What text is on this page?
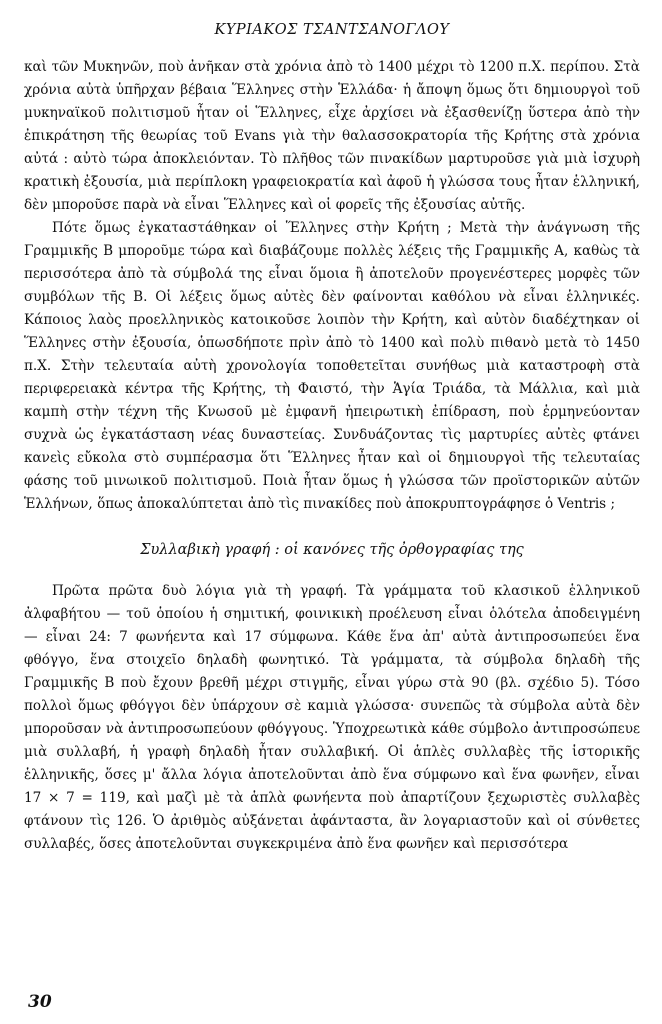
ΚΥΡΙΑΚΟΣ ΤΣΑΝΤΣΑΝΟΓΛΟΥ

καὶ τῶν Μυκηνῶν, ποὺ ἀνῆκαν στὰ χρόνια ἀπὸ τὸ 1400 μέχρι τὸ 1200 π.Χ. περίπου. Στὰ χρόνια αὐτὰ ὑπῆρχαν βέβαια Ἕλληνες στὴν Ἑλλάδα· ἡ ἄποψη ὅμως ὅτι δημιουργοὶ τοῦ μυκηναϊκοῦ πολιτισμοῦ ἦταν οἱ Ἕλληνες, εἶχε ἀρχίσει νὰ ἐξασθενίζῃ ὕστερα ἀπὸ τὴν ἐπικράτηση τῆς θεωρίας τοῦ Evans γιὰ τὴν θαλασσοκρατορία τῆς Κρήτης στὰ χρόνια αὐτά : αὐτὸ τώρα ἀποκλειόνταν. Τὸ πλῆθος τῶν πινακίδων μαρτυροῦσε γιὰ μιὰ ἰσχυρὴ κρατικὴ ἐξουσία, μιὰ περίπλοκη γραφειοκρατία καὶ ἀφοῦ ἡ γλώσσα τους ἦταν ἑλληνική, δὲν μποροῦσε παρὰ νὰ εἶναι Ἕλληνες καὶ οἱ φορεῖς τῆς ἐξουσίας αὐτῆς.

Πότε ὅμως ἐγκαταστάθηκαν οἱ Ἕλληνες στὴν Κρήτη ; Μετὰ τὴν ἀνάγνωση τῆς Γραμμικῆς Β μποροῦμε τώρα καὶ διαβάζουμε πολλὲς λέξεις τῆς Γραμμικῆς Α, καθὼς τὰ περισσότερα ἀπὸ τὰ σύμβολά της εἶναι ὅμοια ἢ ἀποτελοῦν προγενέστερες μορφὲς τῶν συμβόλων τῆς Β. Οἱ λέξεις ὅμως αὐτὲς δὲν φαίνονται καθόλου νὰ εἶναι ἑλληνικές. Κάποιος λαὸς προελληνικὸς κατοικοῦσε λοιπὸν τὴν Κρήτη, καὶ αὐτὸν διαδέχτηκαν οἱ Ἕλληνες στὴν ἐξουσία, ὁπωσδήποτε πρὶν ἀπὸ τὸ 1400 καὶ πολὺ πιθανὸ μετὰ τὸ 1450 π.Χ. Στὴν τελευταία αὐτὴ χρονολογία τοποθετεῖται συνήθως μιὰ καταστροφὴ στὰ περιφερειακὰ κέντρα τῆς Κρήτης, τὴ Φαιστό, τὴν Ἁγία Τριάδα, τὰ Μάλλια, καὶ μιὰ καμπὴ στὴν τέχνη τῆς Κνωσοῦ μὲ ἐμφανῆ ἠπειρωτικὴ ἐπίδραση, ποὺ ἑρμηνεύονταν συχνὰ ὡς ἐγκατάσταση νέας δυναστείας. Συνδυάζοντας τὶς μαρτυρίες αὐτὲς φτάνει κανεὶς εὔκολα στὸ συμπέρασμα ὅτι Ἕλληνες ἦταν καὶ οἱ δημιουργοὶ τῆς τελευταίας φάσης τοῦ μινωικοῦ πολιτισμοῦ. Ποιὰ ἦταν ὅμως ἡ γλώσσα τῶν προϊστορικῶν αὐτῶν Ἑλλήνων, ὅπως ἀποκαλύπτεται ἀπὸ τὶς πινακίδες ποὺ ἀποκρυπτογράφησε ὁ Ventris ;

Συλλαβικὴ γραφή : οἱ κανόνες τῆς ὀρθογραφίας της

Πρῶτα πρῶτα δυὸ λόγια γιὰ τὴ γραφή. Τὰ γράμματα τοῦ κλασικοῦ ἑλληνικοῦ ἀλφαβήτου — τοῦ ὁποίου ἡ σημιτική, φοινικικὴ προέλευση εἶναι ὁλότελα ἀποδειγμένη — εἶναι 24: 7 φωνήεντα καὶ 17 σύμφωνα. Κάθε ἕνα ἀπ' αὐτὰ ἀντιπροσωπεύει ἕνα φθόγγο, ἕνα στοιχεῖο δηλαδὴ φωνητικό. Τὰ γράμματα, τὰ σύμβολα δηλαδὴ τῆς Γραμμικῆς Β ποὺ ἔχουν βρεθῆ μέχρι στιγμῆς, εἶναι γύρω στὰ 90 (βλ. σχέδιο 5). Τόσο πολλοὶ ὅμως φθόγγοι δὲν ὑπάρχουν σὲ καμιὰ γλώσσα· συνεπῶς τὰ σύμβολα αὐτὰ δὲν μποροῦσαν νὰ ἀντιπροσωπεύουν φθόγγους. Ὑποχρεωτικὰ κάθε σύμβολο ἀντιπροσώπευε μιὰ συλλαβή, ἡ γραφὴ δηλαδὴ ἦταν συλλαβική. Οἱ ἁπλὲς συλλαβὲς τῆς ἱστορικῆς ἑλληνικῆς, ὅσες μ' ἄλλα λόγια ἀποτελοῦνται ἀπὸ ἕνα σύμφωνο καὶ ἕνα φωνῆεν, εἶναι 17 × 7 = 119, καὶ μαζὶ μὲ τὰ ἁπλὰ φωνήεντα ποὺ ἀπαρτίζουν ξεχωριστὲς συλλαβὲς φτάνουν τὶς 126. Ὁ ἀριθμὸς αὐξάνεται ἀφάνταστα, ἂν λογαριαστοῦν καὶ οἱ σύνθετες συλλαβές, ὅσες ἀποτελοῦνται συγκεκριμένα ἀπὸ ἕνα φωνῆεν καὶ περισσότερα

30
